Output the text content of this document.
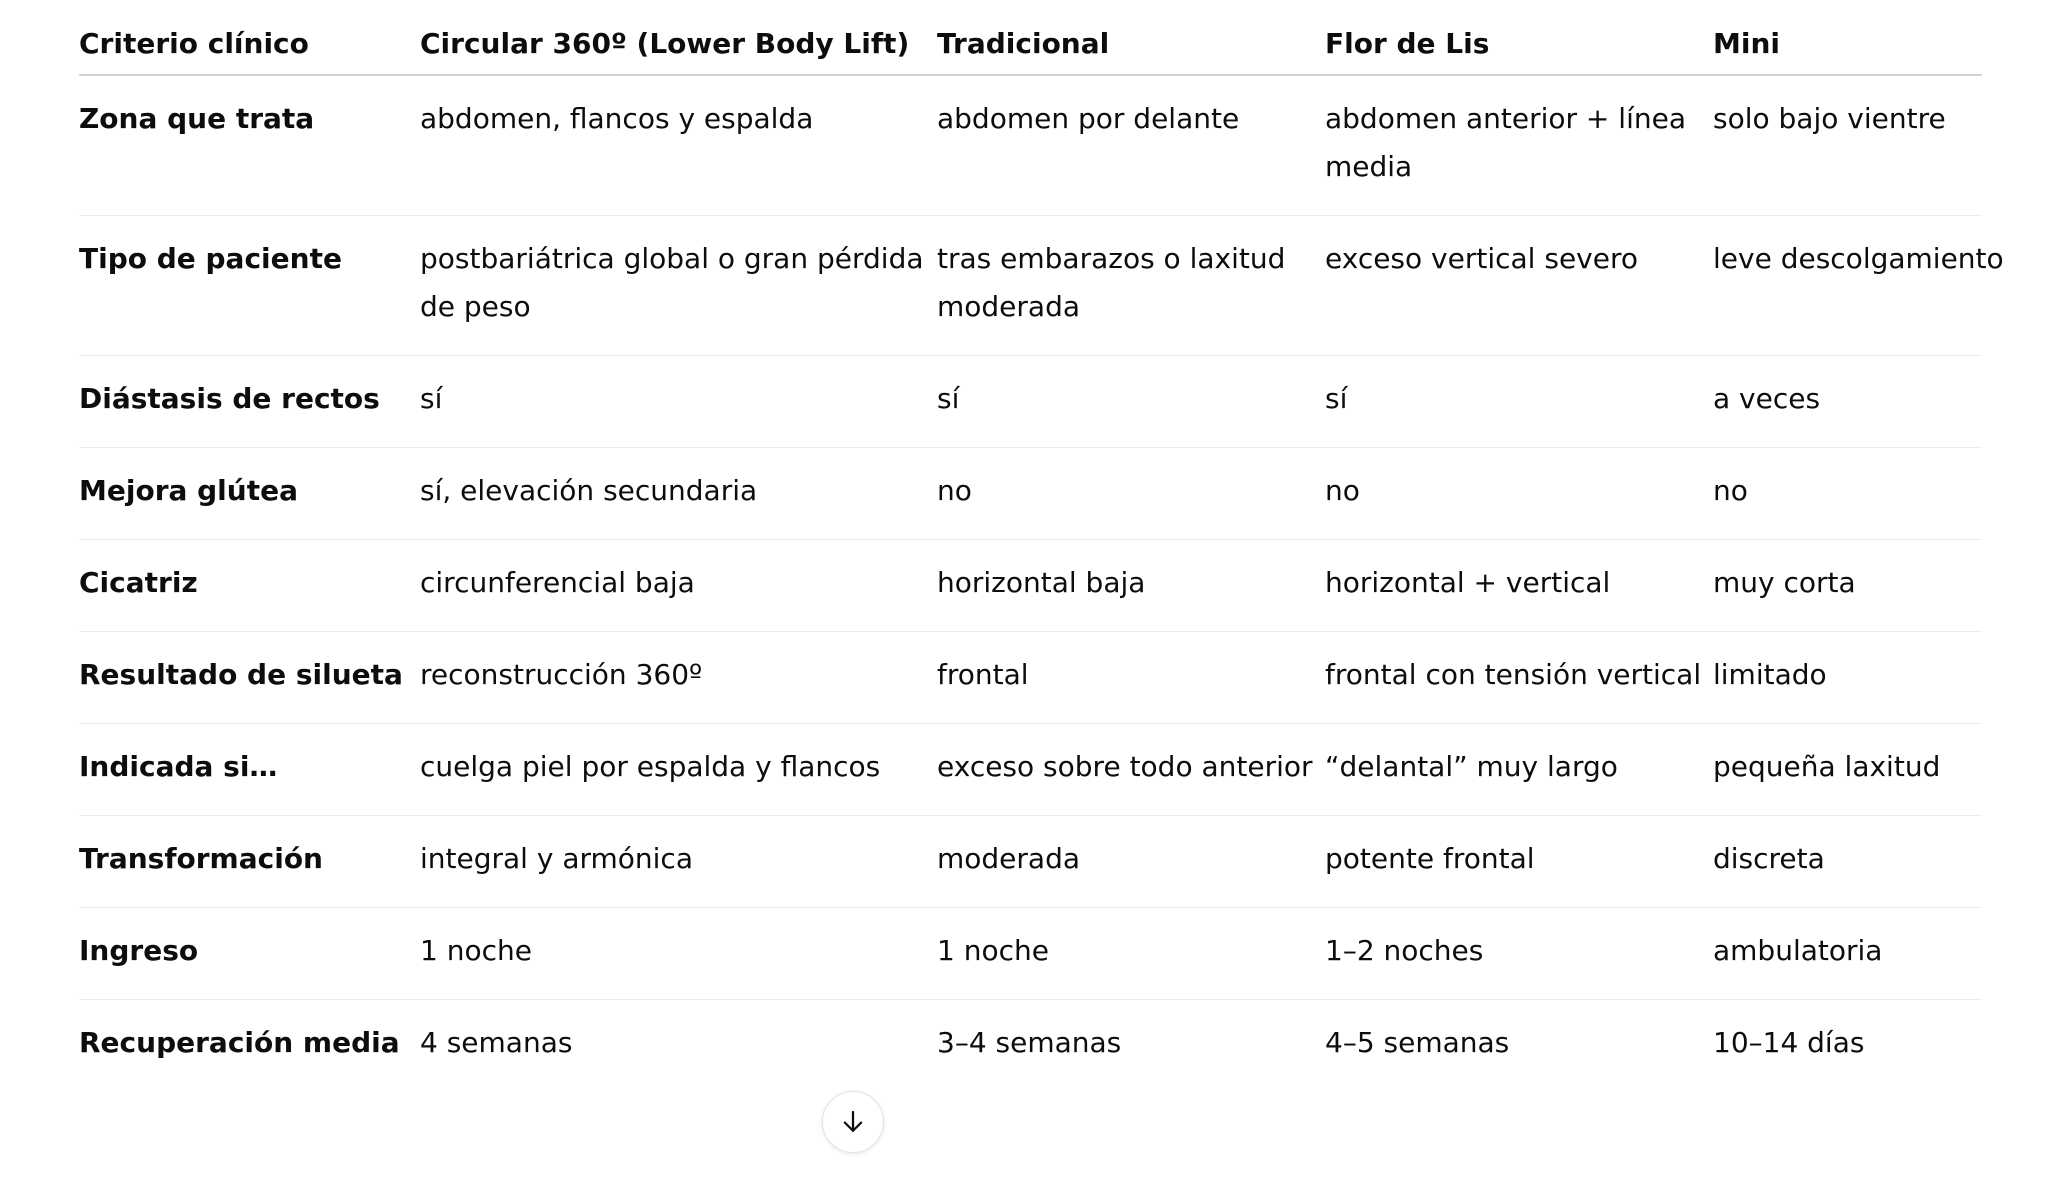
Criterio clínico	Circular 360º (Lower Body Lift)	Tradicional	Flor de Lis	Mini
Zona que trata	abdomen, flancos y espalda	abdomen por delante	abdomen anterior + línea media	solo bajo vientre
Tipo de paciente	postbariátrica global o gran pérdida de peso	tras embarazos o laxitud moderada	exceso vertical severo	leve descolgamiento
Diástasis de rectos	sí	sí	sí	a veces
Mejora glútea	sí, elevación secundaria	no	no	no
Cicatriz	circunferencial baja	horizontal baja	horizontal + vertical	muy corta
Resultado de silueta	reconstrucción 360º	frontal	frontal con tensión vertical	limitado
Indicada si…	cuelga piel por espalda y flancos	exceso sobre todo anterior	“delantal” muy largo	pequeña laxitud
Transformación	integral y armónica	moderada	potente frontal	discreta
Ingreso	1 noche	1 noche	1–2 noches	ambulatoria
Recuperación media	4 semanas	3–4 semanas	4–5 semanas	10–14 días
